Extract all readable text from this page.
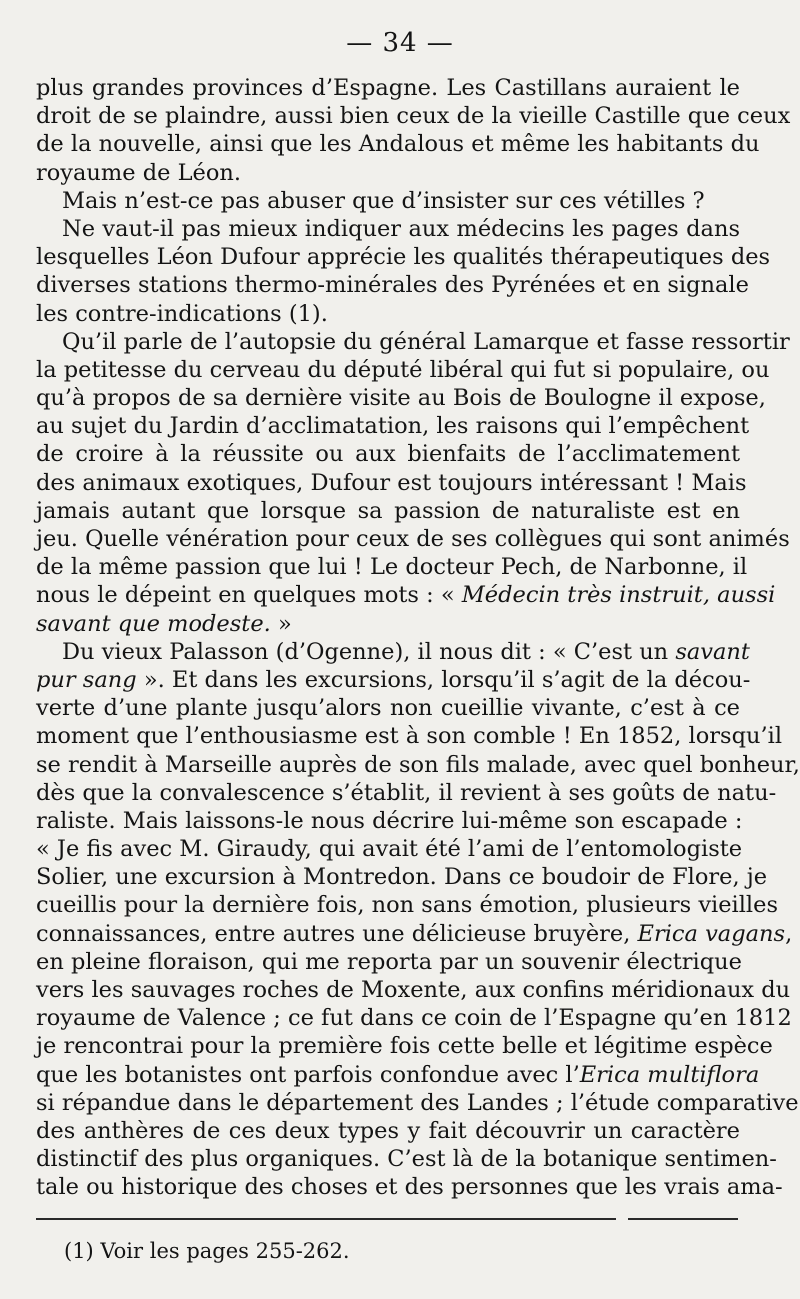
— 34 —
plus grandes provinces d’Espagne. Les Castillans auraient le
droit de se plaindre, aussi bien ceux de la vieille Castille que ceux
de la nouvelle, ainsi que les Andalous et même les habitants du
royaume de Léon.
Mais n’est-ce pas abuser que d’insister sur ces vétilles ?
Ne vaut-il pas mieux indiquer aux médecins les pages dans
lesquelles Léon Dufour apprécie les qualités thérapeutiques des
diverses stations thermo-minérales des Pyrénées et en signale
les contre-indications (1).
Qu’il parle de l’autopsie du général Lamarque et fasse ressortir
la petitesse du cerveau du député libéral qui fut si populaire, ou
qu’à propos de sa dernière visite au Bois de Boulogne il expose,
au sujet du Jardin d’acclimatation, les raisons qui l’empêchent
de croire à la réussite ou aux bienfaits de l’acclimatement
des animaux exotiques, Dufour est toujours intéressant ! Mais
jamais autant que lorsque sa passion de naturaliste est en
jeu. Quelle vénération pour ceux de ses collègues qui sont animés
de la même passion que lui ! Le docteur Pech, de Narbonne, il
nous le dépeint en quelques mots : « Médecin très instruit, aussi
savant que modeste. »
Du vieux Palasson (d’Ogenne), il nous dit : « C’est un savant
pur sang ». Et dans les excursions, lorsqu’il s’agit de la décou-
verte d’une plante jusqu’alors non cueillie vivante, c’est à ce
moment que l’enthousiasme est à son comble ! En 1852, lorsqu’il
se rendit à Marseille auprès de son fils malade, avec quel bonheur,
dès que la convalescence s’établit, il revient à ses goûts de natu-
raliste. Mais laissons-le nous décrire lui-même son escapade :
« Je fis avec M. Giraudy, qui avait été l’ami de l’entomologiste
Solier, une excursion à Montredon. Dans ce boudoir de Flore, je
cueillis pour la dernière fois, non sans émotion, plusieurs vieilles
connaissances, entre autres une délicieuse bruyère, Erica vagans,
en pleine floraison, qui me reporta par un souvenir électrique
vers les sauvages roches de Moxente, aux confins méridionaux du
royaume de Valence ; ce fut dans ce coin de l’Espagne qu’en 1812
je rencontrai pour la première fois cette belle et légitime espèce
que les botanistes ont parfois confondue avec l’Erica multiflora
si répandue dans le département des Landes ; l’étude comparative
des anthères de ces deux types y fait découvrir un caractère
distinctif des plus organiques. C’est là de la botanique sentimen-
tale ou historique des choses et des personnes que les vrais ama-
(1) Voir les pages 255-262.
